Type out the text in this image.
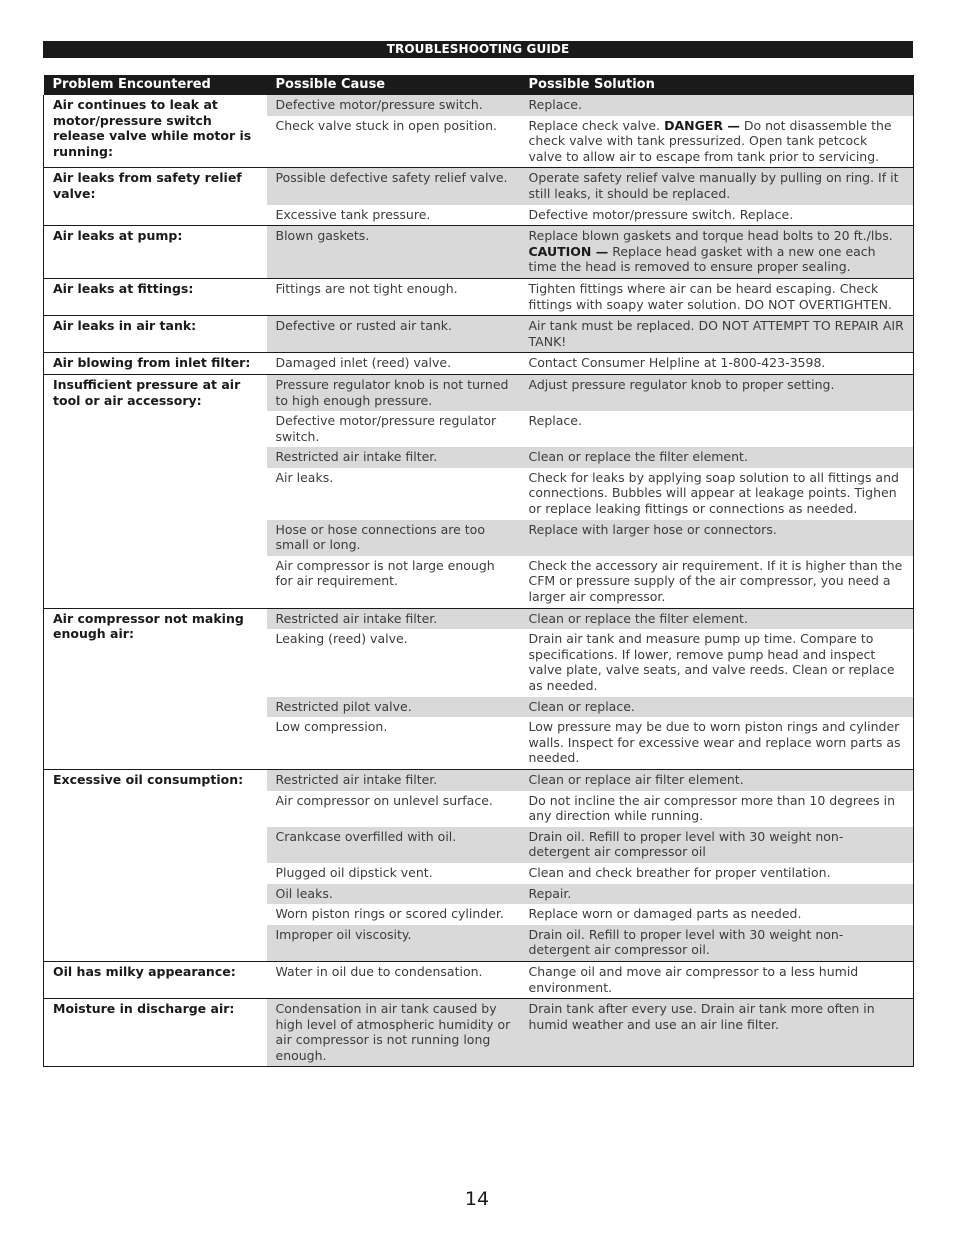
TROUBLESHOOTING GUIDE
Problem Encountered	Possible Cause	Possible Solution
Air continues to leak at motor/pressure switch release valve while motor is running:	Defective motor/pressure switch.	Replace.
	Check valve stuck in open position.	Replace check valve. DANGER — Do not disassemble the check valve with tank pressurized. Open tank petcock valve to allow air to escape from tank prior to servicing.
Air leaks from safety relief valve:	Possible defective safety relief valve.	Operate safety relief valve manually by pulling on ring. If it still leaks, it should be replaced.
	Excessive tank pressure.	Defective motor/pressure switch. Replace.
Air leaks at pump:	Blown gaskets.	Replace blown gaskets and torque head bolts to 20 ft./lbs. CAUTION — Replace head gasket with a new one each time the head is removed to ensure proper sealing.
Air leaks at fittings:	Fittings are not tight enough.	Tighten fittings where air can be heard escaping. Check fittings with soapy water solution. DO NOT OVERTIGHTEN.
Air leaks in air tank:	Defective or rusted air tank.	Air tank must be replaced. DO NOT ATTEMPT TO REPAIR AIR TANK!
Air blowing from inlet filter:	Damaged inlet (reed) valve.	Contact Consumer Helpline at 1-800-423-3598.
Insufficient pressure at air tool or air accessory:	Pressure regulator knob is not turned to high enough pressure.	Adjust pressure regulator knob to proper setting.
	Defective motor/pressure regulator switch.	Replace.
	Restricted air intake filter.	Clean or replace the filter element.
	Air leaks.	Check for leaks by applying soap solution to all fittings and connections. Bubbles will appear at leakage points. Tighen or replace leaking fittings or connections as needed.
	Hose or hose connections are too small or long.	Replace with larger hose or connectors.
	Air compressor is not large enough for air requirement.	Check the accessory air requirement. If it is higher than the CFM or pressure supply of the air compressor, you need a larger air compressor.
Air compressor not making enough air:	Restricted air intake filter.	Clean or replace the filter element.
	Leaking (reed) valve.	Drain air tank and measure pump up time. Compare to specifications. If lower, remove pump head and inspect valve plate, valve seats, and valve reeds. Clean or replace as needed.
	Restricted pilot valve.	Clean or replace.
	Low compression.	Low pressure may be due to worn piston rings and cylinder walls. Inspect for excessive wear and replace worn parts as needed.
Excessive oil consumption:	Restricted air intake filter.	Clean or replace air filter element.
	Air compressor on unlevel surface.	Do not incline the air compressor more than 10 degrees in any direction while running.
	Crankcase overfilled with oil.	Drain oil. Refill to proper level with 30 weight non-detergent air compressor oil
	Plugged oil dipstick vent.	Clean and check breather for proper ventilation.
	Oil leaks.	Repair.
	Worn piston rings or scored cylinder.	Replace worn or damaged parts as needed.
	Improper oil viscosity.	Drain oil. Refill to proper level with 30 weight non-detergent air compressor oil.
Oil has milky appearance:	Water in oil due to condensation.	Change oil and move air compressor to a less humid environment.
Moisture in discharge air:	Condensation in air tank caused by high level of atmospheric humidity or air compressor is not running long enough.	Drain tank after every use. Drain air tank more often in humid weather and use an air line filter.
14
